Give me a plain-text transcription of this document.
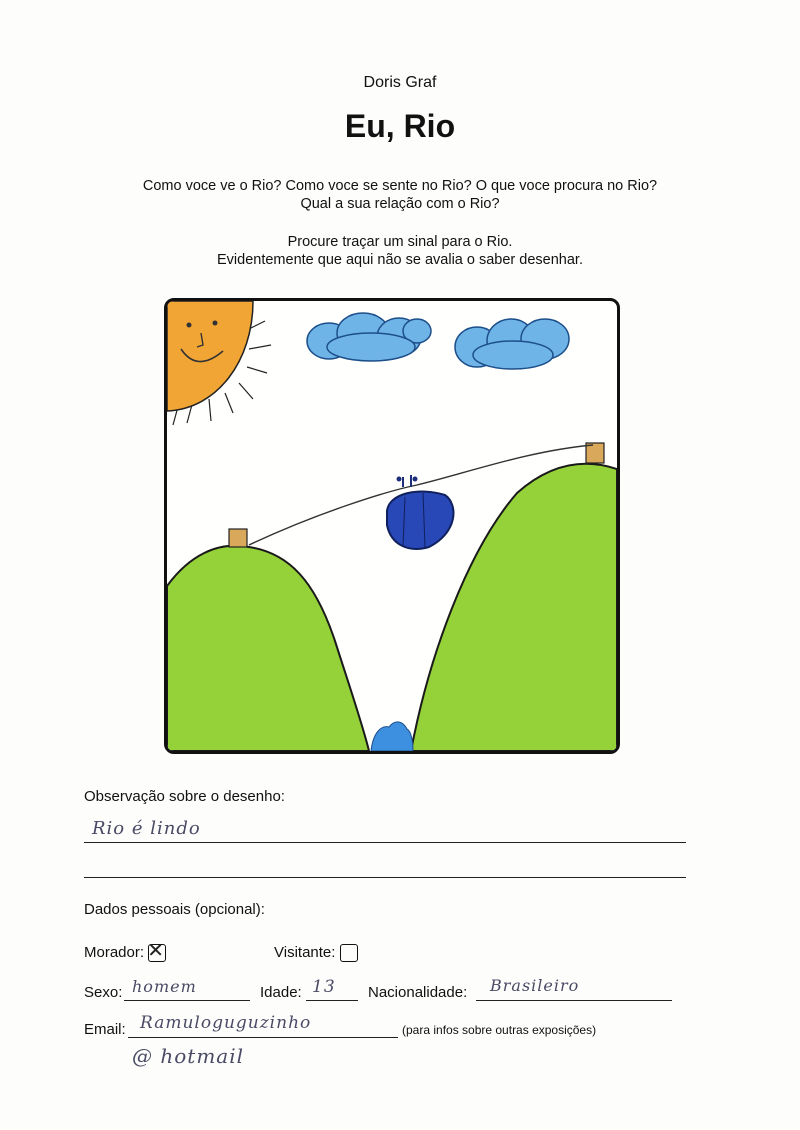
Doris Graf
Eu, Rio
Como voce ve o Rio? Como voce se sente no Rio? O que voce procura no Rio?
Qual a sua relação com o Rio?
Procure traçar um sinal para o Rio.
Evidentemente que aqui não se avalia o saber desenhar.
Observação sobre o desenho:
Rio é lindo
Dados pessoais (opcional):
Morador: ✕	Visitante:
Sexo: homem	Idade: 13 Nacionalidade: Brasileiro
Email: Ramuloguguzinho	(para infos sobre outras exposições)
@ hotmail
